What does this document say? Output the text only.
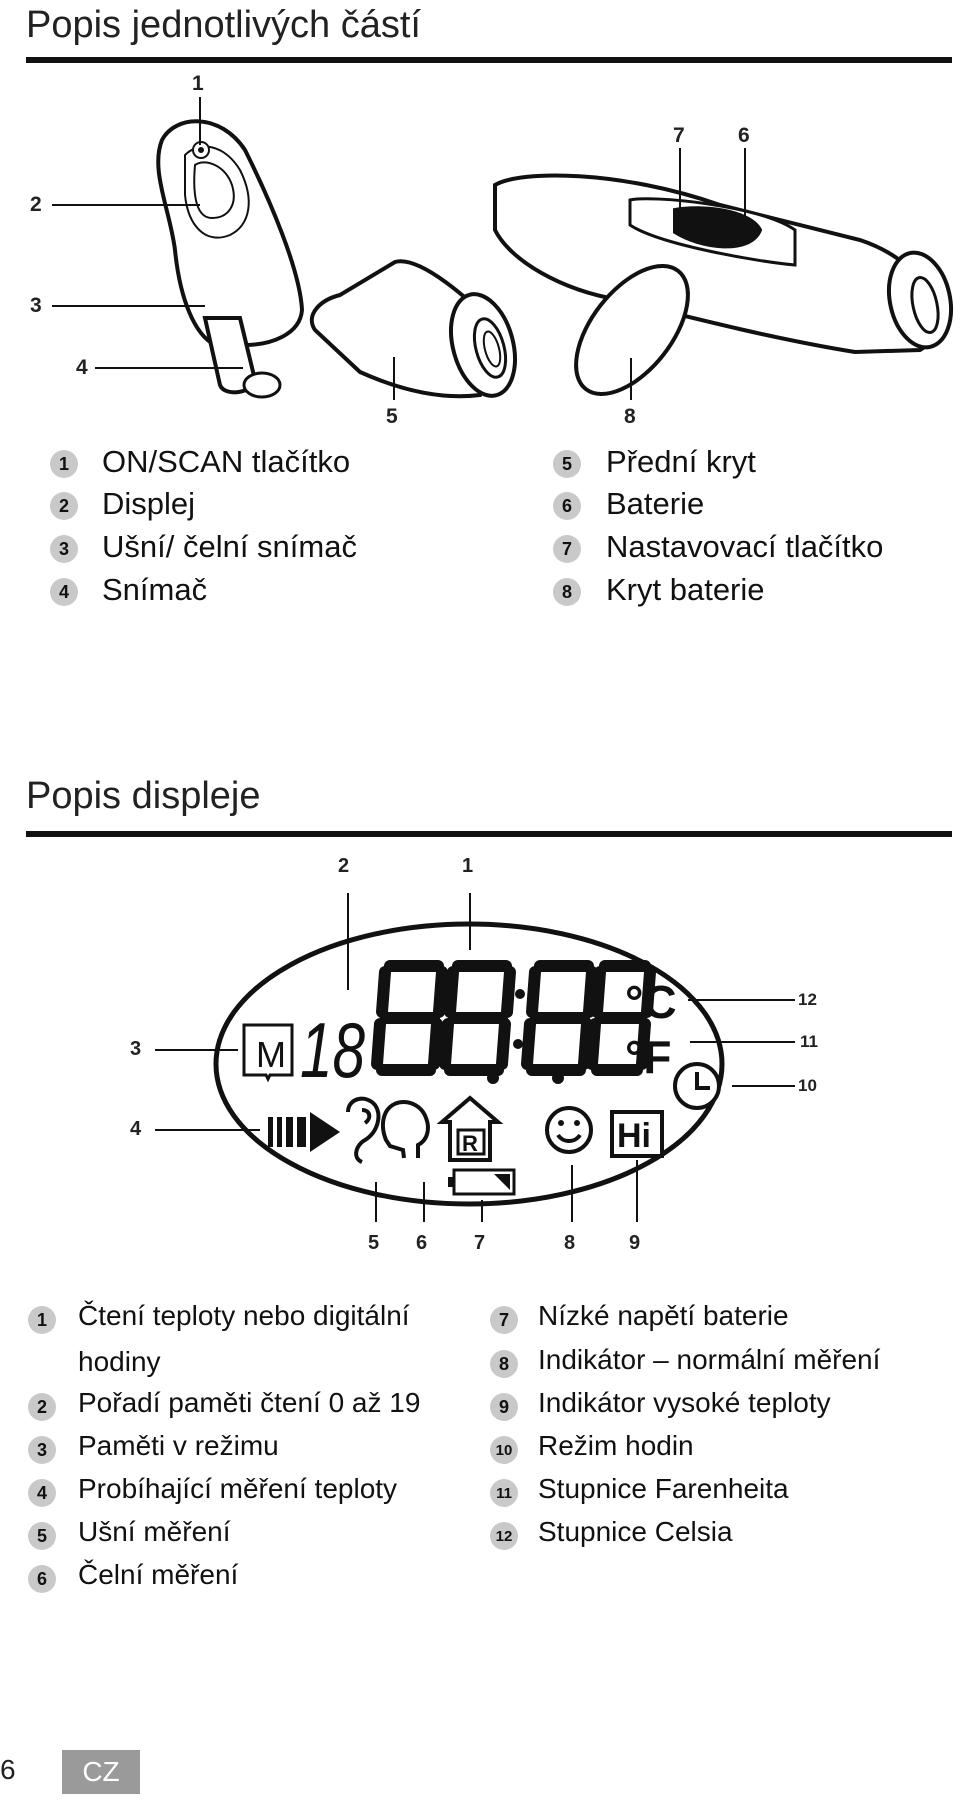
Popis jednotlivých částí
1
2
3
4
5
6
7
8
1 ON/SCAN tlačítko
2 Displej
3 Ušní/ čelní snímač
4 Snímač
5 Přední kryt
6 Baterie
7 Nastavovací tlačítko
8 Kryt baterie
Popis displeje
M 18
°C
°F
R	Hi
2	1
3
4
5 6 7	8	9
12
11
10
1	Čtení teploty nebo digitální
hodiny
2	Pořadí paměti čtení 0 až 19
3	Paměti v režimu
4	Probíhající měření teploty
5	Ušní měření
6	Čelní měření
7	Nízké napětí baterie
8	Indikátor – normální měření
9	Indikátor vysoké teploty
10 Režim hodin
11 Stupnice Farenheita
12 Stupnice Celsia
6	CZ
